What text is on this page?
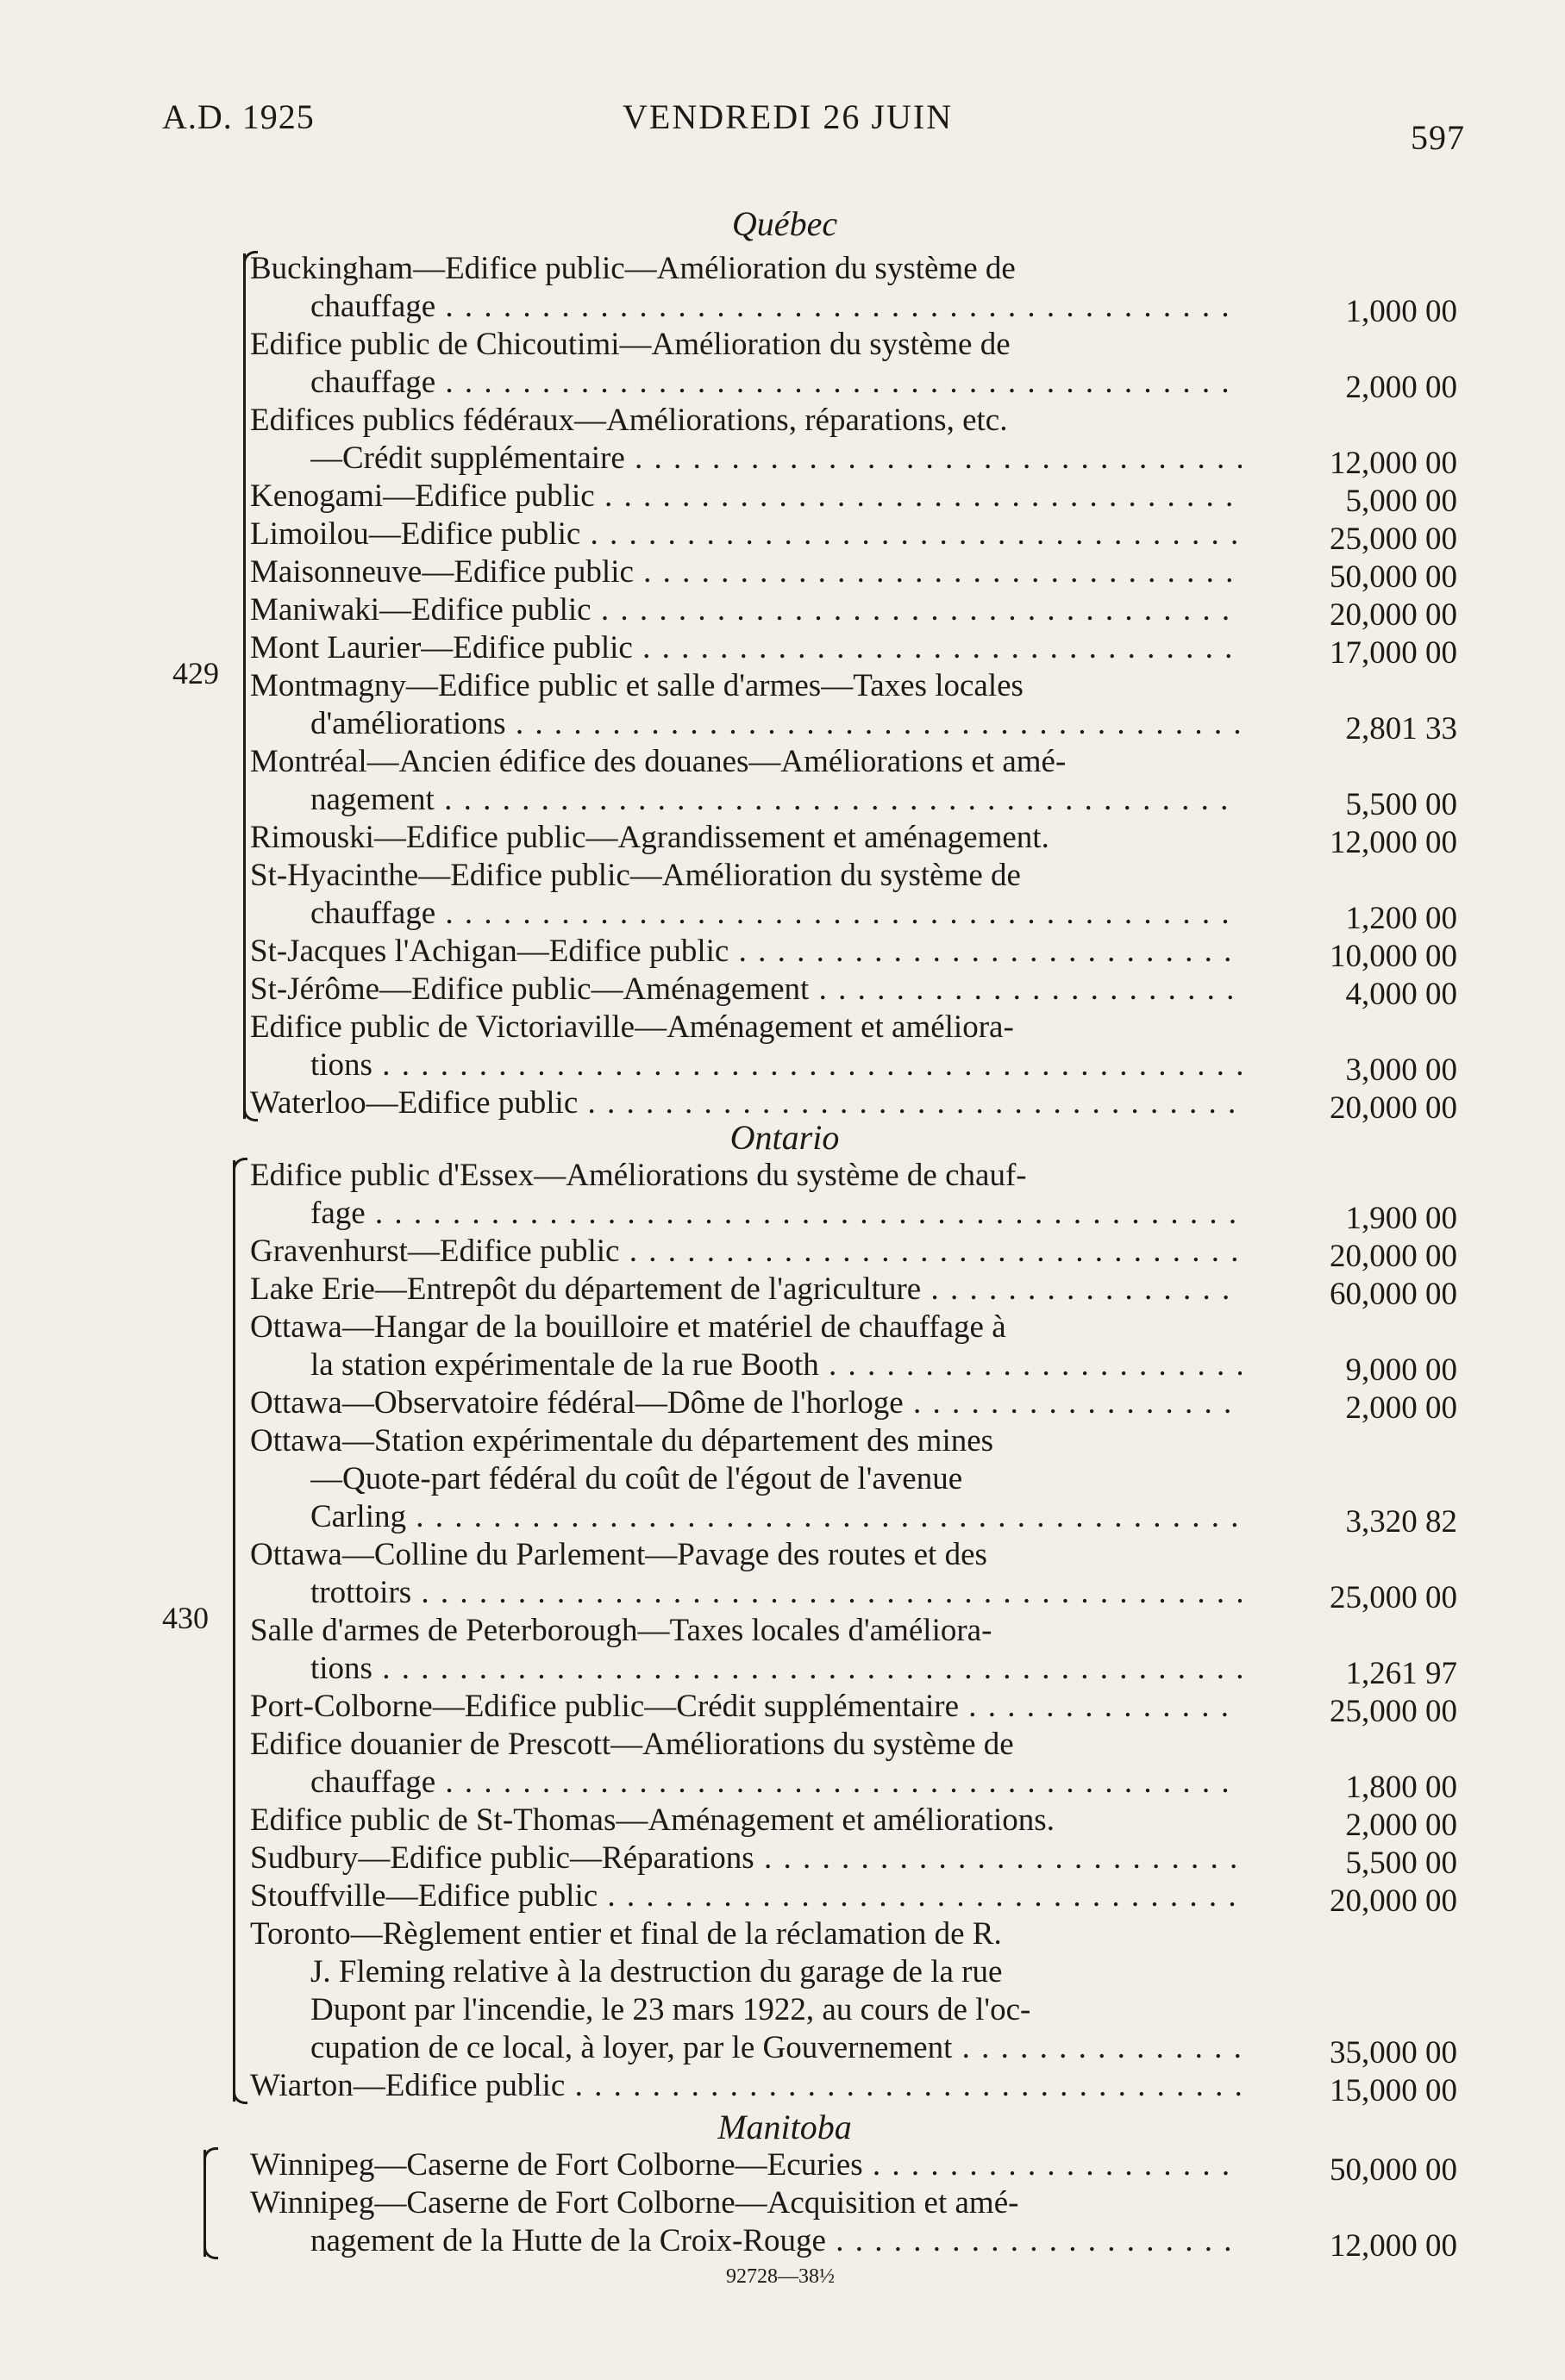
A.D. 1925	VENDREDI 26 JUIN
597
Québec
Buckingham—Edifice public—Amélioration du système de
chauffage . . .	1,000 00
Edifice public de Chicoutimi—Amélioration du système de
chauffage . . .	2,000 00
Edifices publics fédéraux—Améliorations, réparations, etc.
—Crédit supplémentaire . . .	12,000 00
Kenogami—Edifice public . . .	5,000 00
Limoilou—Edifice public . . .	25,000 00
Maisonneuve—Edifice public . . .	50,000 00
Maniwaki—Edifice public . . .	20,000 00
Mont Laurier—Edifice public . . .	17,000 00
Montmagny—Edifice public et salle d'armes—Taxes locales
d'améliorations . . .	2,801 33
Montréal—Ancien édifice des douanes—Améliorations et amé-
nagement . . .	5,500 00
Rimouski—Edifice public—Agrandissement et aménagement.	12,000 00
St-Hyacinthe—Edifice public—Amélioration du système de
chauffage . . .	1,200 00
St-Jacques l'Achigan—Edifice public . . .	10,000 00
St-Jérôme—Edifice public—Aménagement . . .	4,000 00
Edifice public de Victoriaville—Aménagement et améliora-
tions . . .	3,000 00
Waterloo—Edifice public . . .	20,000 00
429
Ontario
Edifice public d'Essex—Améliorations du système de chauf-
fage . . .	1,900 00
Gravenhurst—Edifice public . . .	20,000 00
Lake Erie—Entrepôt du département de l'agriculture . . .	60,000 00
Ottawa—Hangar de la bouilloire et matériel de chauffage à
la station expérimentale de la rue Booth . . .	9,000 00
Ottawa—Observatoire fédéral—Dôme de l'horloge . . .	2,000 00
Ottawa—Station expérimentale du département des mines
—Quote-part fédéral du coût de l'égout de l'avenue
Carling . . .	3,320 82
Ottawa—Colline du Parlement—Pavage des routes et des
trottoirs . . .	25,000 00
Salle d'armes de Peterborough—Taxes locales d'améliora-
tions . . .	1,261 97
Port-Colborne—Edifice public—Crédit supplémentaire . . .	25,000 00
Edifice douanier de Prescott—Améliorations du système de
chauffage . . .	1,800 00
Edifice public de St-Thomas—Aménagement et améliorations.	2,000 00
Sudbury—Edifice public—Réparations . . .	5,500 00
Stouffville—Edifice public . . .	20,000 00
Toronto—Règlement entier et final de la réclamation de R.
J. Fleming relative à la destruction du garage de la rue
Dupont par l'incendie, le 23 mars 1922, au cours de l'oc-
cupation de ce local, à loyer, par le Gouvernement . . .	35,000 00
Wiarton—Edifice public . . .	15,000 00
430
Manitoba
Winnipeg—Caserne de Fort Colborne—Ecuries . . .	50,000 00
Winnipeg—Caserne de Fort Colborne—Acquisition et amé-
nagement de la Hutte de la Croix-Rouge . . .	12,000 00
92728—38½
